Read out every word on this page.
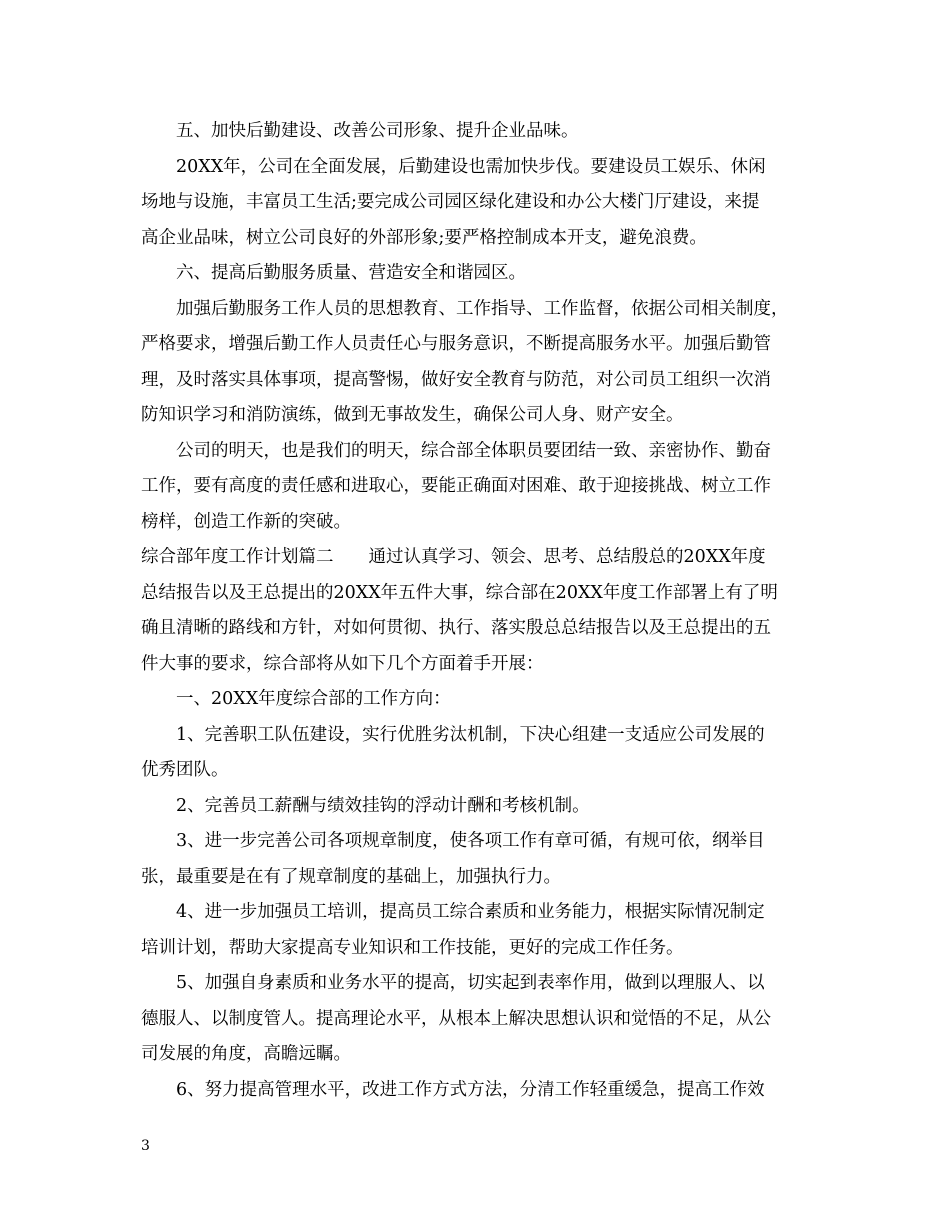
五、加快后勤建设、改善公司形象、提升企业品味。
20XX年，公司在全面发展，后勤建设也需加快步伐。要建设员工娱乐、休闲
场地与设施，丰富员工生活;要完成公司园区绿化建设和办公大楼门厅建设，来提
高企业品味，树立公司良好的外部形象;要严格控制成本开支，避免浪费。
六、提高后勤服务质量、营造安全和谐园区。
加强后勤服务工作人员的思想教育、工作指导、工作监督，依据公司相关制度，
严格要求，增强后勤工作人员责任心与服务意识，不断提高服务水平。加强后勤管
理，及时落实具体事项，提高警惕，做好安全教育与防范，对公司员工组织一次消
防知识学习和消防演练，做到无事故发生，确保公司人身、财产安全。
公司的明天，也是我们的明天，综合部全体职员要团结一致、亲密协作、勤奋
工作，要有高度的责任感和进取心，要能正确面对困难、敢于迎接挑战、树立工作
榜样，创造工作新的突破。
综合部年度工作计划篇二　　通过认真学习、领会、思考、总结殷总的20XX年度
总结报告以及王总提出的20XX年五件大事，综合部在20XX年度工作部署上有了明
确且清晰的路线和方针，对如何贯彻、执行、落实殷总总结报告以及王总提出的五
件大事的要求，综合部将从如下几个方面着手开展：
一、20XX年度综合部的工作方向：
1、完善职工队伍建设，实行优胜劣汰机制，下决心组建一支适应公司发展的
优秀团队。
2、完善员工薪酬与绩效挂钩的浮动计酬和考核机制。
3、进一步完善公司各项规章制度，使各项工作有章可循，有规可依，纲举目
张，最重要是在有了规章制度的基础上，加强执行力。
4、进一步加强员工培训，提高员工综合素质和业务能力，根据实际情况制定
培训计划，帮助大家提高专业知识和工作技能，更好的完成工作任务。
5、加强自身素质和业务水平的提高，切实起到表率作用，做到以理服人、以
德服人、以制度管人。提高理论水平，从根本上解决思想认识和觉悟的不足，从公
司发展的角度，高瞻远瞩。
6、努力提高管理水平，改进工作方式方法，分清工作轻重缓急，提高工作效
3
